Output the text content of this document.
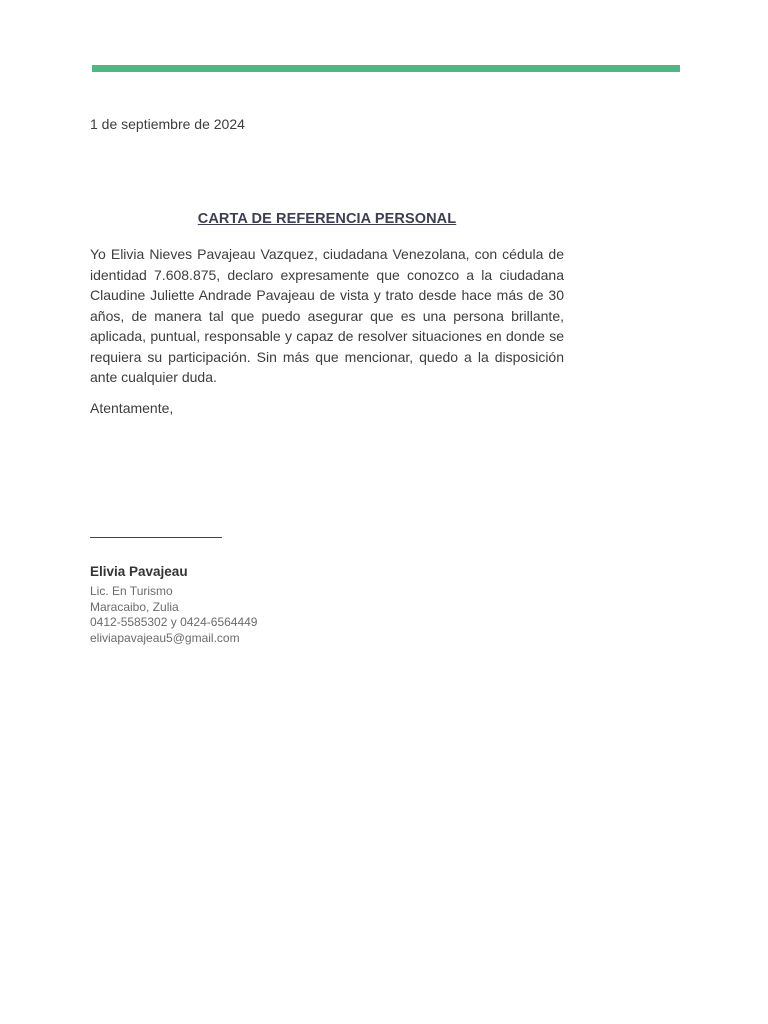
1 de septiembre de 2024
CARTA DE REFERENCIA PERSONAL

Yo Elivia Nieves Pavajeau Vazquez, ciudadana Venezolana, con cédula de identidad 7.608.875, declaro expresamente que conozco a la ciudadana Claudine Juliette Andrade Pavajeau de vista y trato desde hace más de 30 años, de manera tal que puedo asegurar que es una persona brillante, aplicada, puntual, responsable y capaz de resolver situaciones en donde se requiera su participación. Sin más que mencionar, quedo a la disposición ante cualquier duda.

Atentamente,
Elivia Pavajeau
Lic. En Turismo
Maracaibo, Zulia
0412-5585302 y 0424-6564449
eliviapavajeau5@gmail.com
